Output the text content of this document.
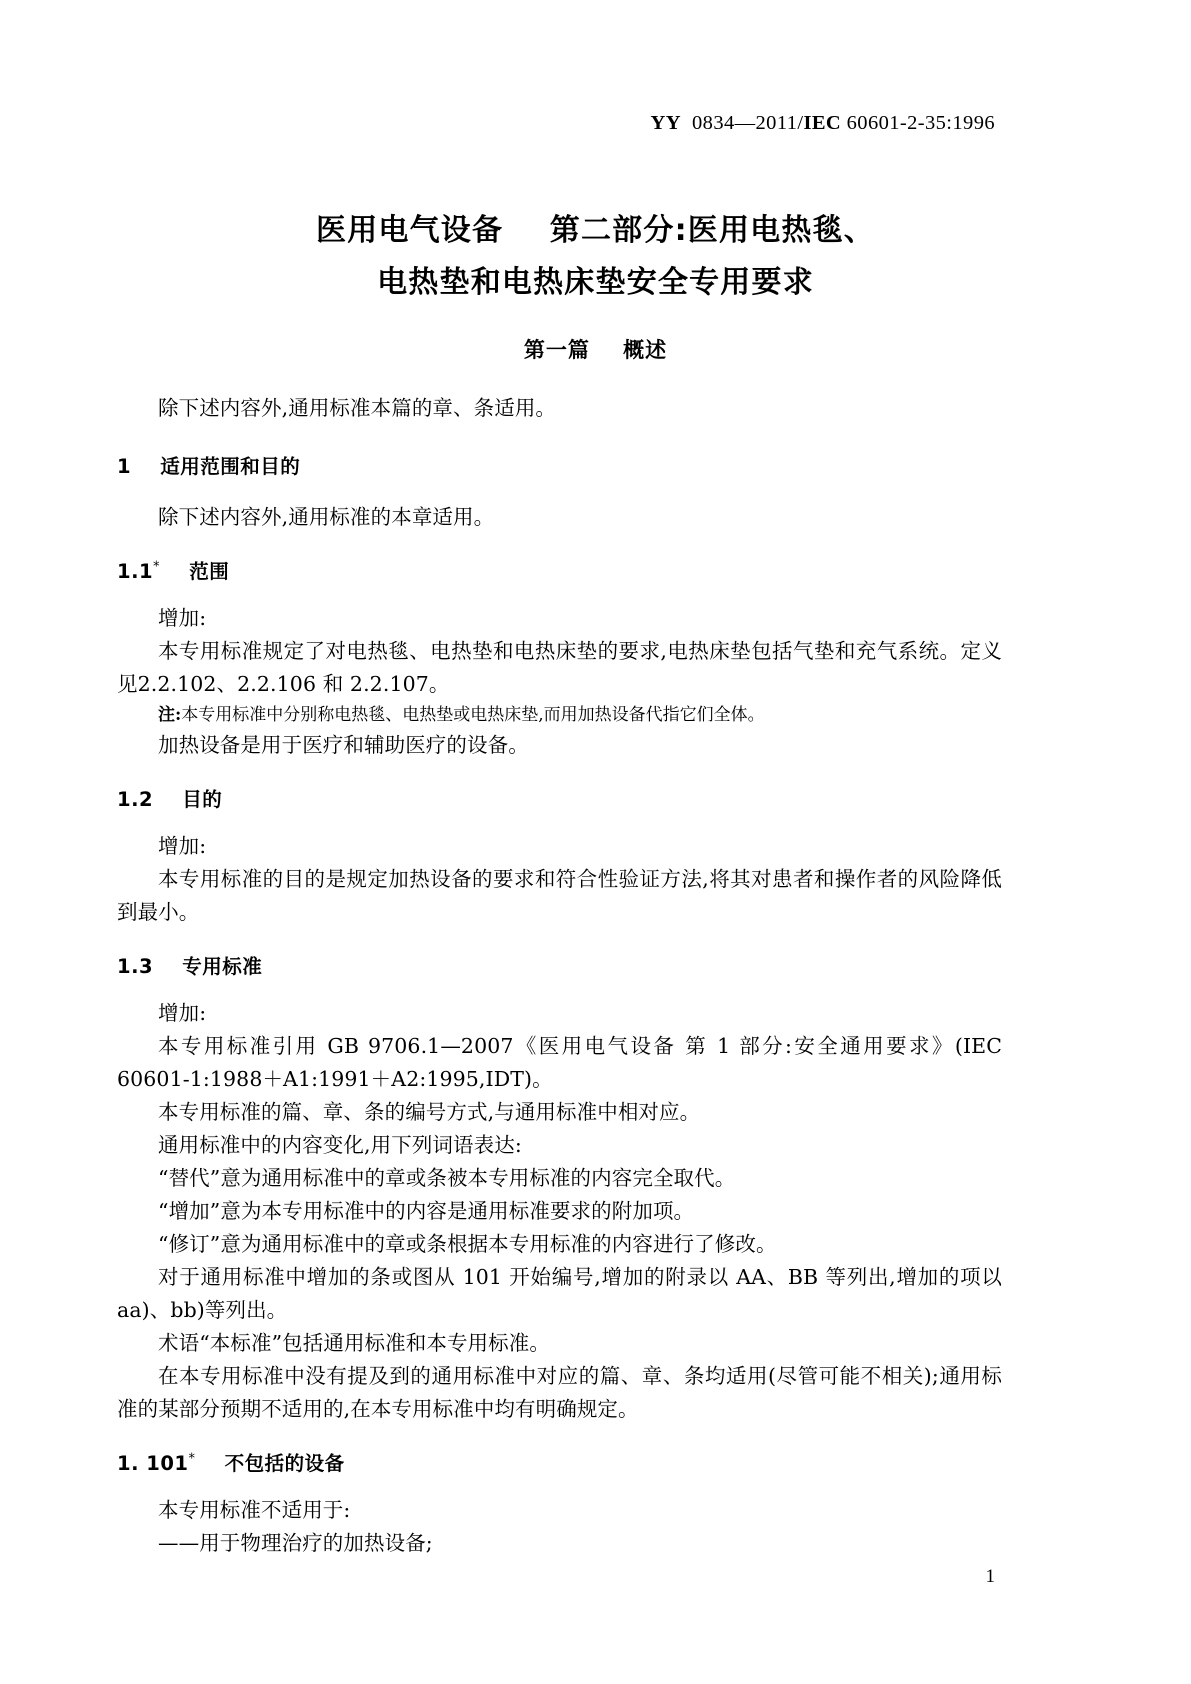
YY 0834—2011/IEC 60601-2-35:1996
医用电气设备    第二部分:医用电热毯、
电热垫和电热床垫安全专用要求
第一篇    概述

除下述内容外,通用标准本篇的章、条适用。

1    适用范围和目的

除下述内容外,通用标准的本章适用。

1.1* 范围

增加:

本专用标准规定了对电热毯、电热垫和电热床垫的要求,电热床垫包括气垫和充气系统。定义见2.2.102、2.2.106 和 2.2.107。

注:本专用标准中分别称电热毯、电热垫或电热床垫,而用加热设备代指它们全体。

加热设备是用于医疗和辅助医疗的设备。

1.2    目的

增加:

本专用标准的目的是规定加热设备的要求和符合性验证方法,将其对患者和操作者的风险降低到最小。

1.3    专用标准

增加:

本专用标准引用 GB 9706.1—2007《医用电气设备 第 1 部分:安全通用要求》(IEC 60601-1:1988＋A1:1991＋A2:1995,IDT)。

本专用标准的篇、章、条的编号方式,与通用标准中相对应。

通用标准中的内容变化,用下列词语表达:

“替代”意为通用标准中的章或条被本专用标准的内容完全取代。

“增加”意为本专用标准中的内容是通用标准要求的附加项。

“修订”意为通用标准中的章或条根据本专用标准的内容进行了修改。

对于通用标准中增加的条或图从 101 开始编号,增加的附录以 AA、BB 等列出,增加的项以 aa)、bb)等列出。

术语“本标准”包括通用标准和本专用标准。

在本专用标准中没有提及到的通用标准中对应的篇、章、条均适用(尽管可能不相关);通用标准的某部分预期不适用的,在本专用标准中均有明确规定。

1. 101* 不包括的设备

本专用标准不适用于:

——用于物理治疗的加热设备;

1
